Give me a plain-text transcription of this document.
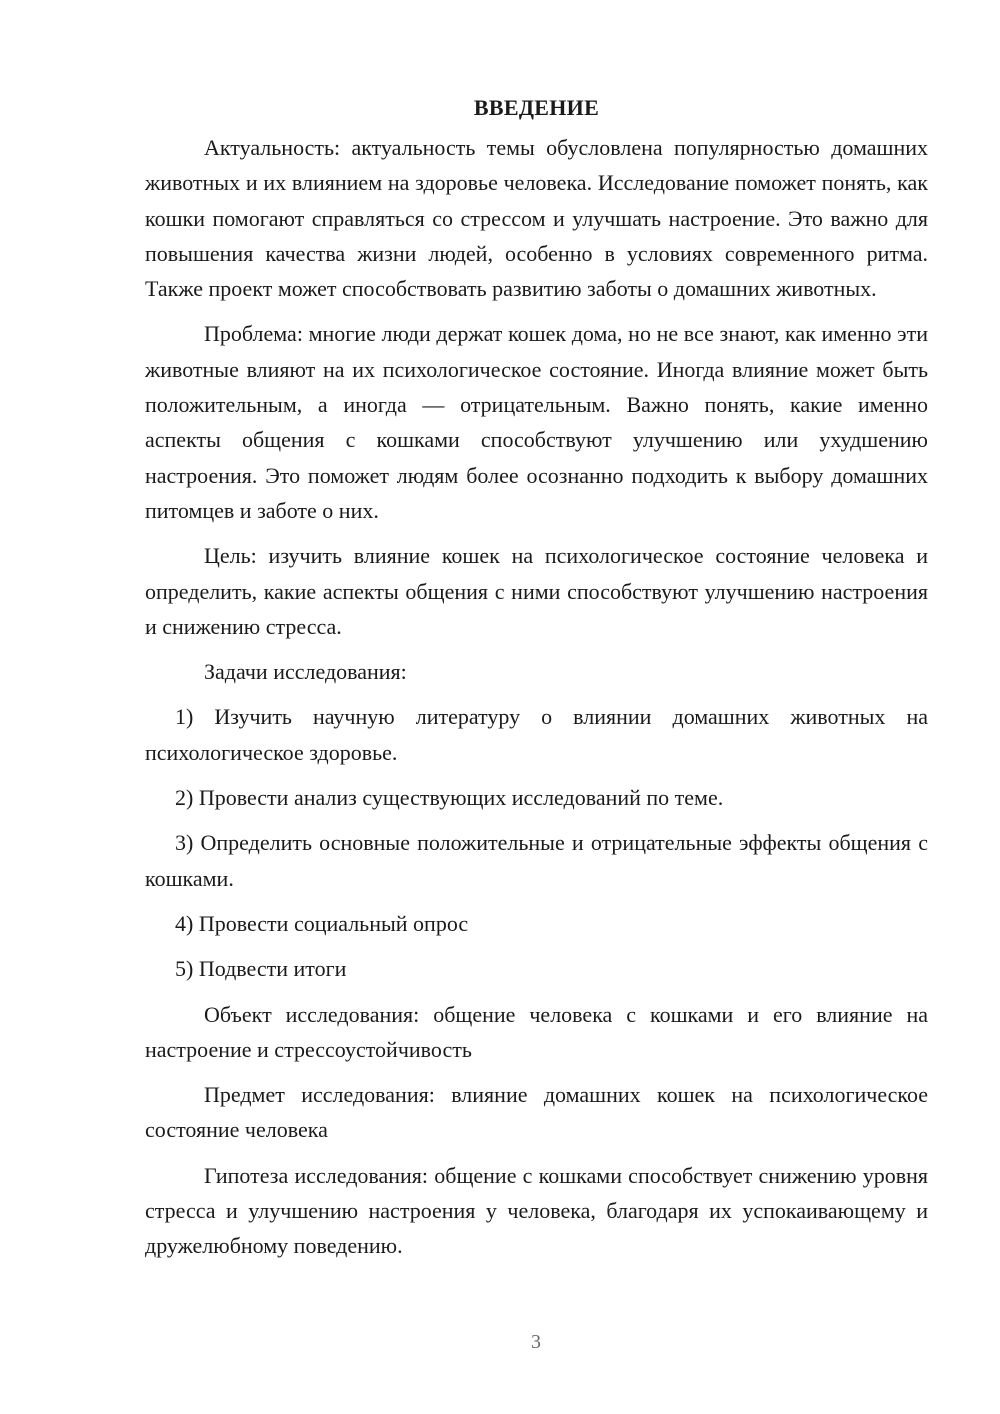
ВВЕДЕНИЕ

Актуальность: актуальность темы обусловлена популярностью домашних животных и их влиянием на здоровье человека. Исследование поможет понять, как кошки помогают справляться со стрессом и улучшать настроение. Это важно для повышения качества жизни людей, особенно в условиях современного ритма. Также проект может способствовать развитию заботы о домашних животных.

Проблема: многие люди держат кошек дома, но не все знают, как именно эти животные влияют на их психологическое состояние. Иногда влияние может быть положительным, а иногда — отрицательным. Важно понять, какие именно аспекты общения с кошками способствуют улучшению или ухудшению настроения. Это поможет людям более осознанно подходить к выбору домашних питомцев и заботе о них.

Цель: изучить влияние кошек на психологическое состояние человека и определить, какие аспекты общения с ними способствуют улучшению настроения и снижению стресса.

Задачи исследования:

1) Изучить научную литературу о влиянии домашних животных на психологическое здоровье.

2) Провести анализ существующих исследований по теме.

3) Определить основные положительные и отрицательные эффекты общения с кошками.

4) Провести социальный опрос

5) Подвести итоги

Объект исследования: общение человека с кошками и его влияние на настроение и стрессоустойчивость

Предмет исследования: влияние домашних кошек на психологическое состояние человека

Гипотеза исследования: общение с кошками способствует снижению уровня стресса и улучшению настроения у человека, благодаря их успокаивающему и дружелюбному поведению.

3
